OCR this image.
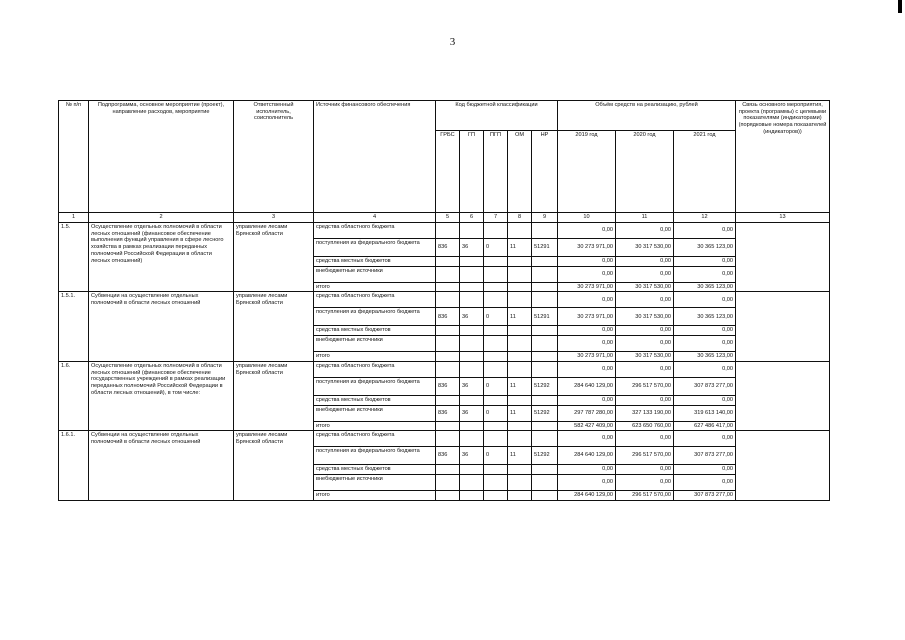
3
№ п/п	Подпрограмма, основное мероприятие (проект), направление расходов, мероприятие	Ответственный исполнитель, соисполнитель	Источник финансового обеспечения	Код бюджетной классификации					Объём средств на реализацию, рублей			Связь основного мероприятия, проекта (программы) с целевыми показателями (индикаторами) (порядковые номера показателей (индикаторов))
				ГРБС	ГП	ПГП	ОМ	НР	2019 год	2020 год	2021 год	
1	2	3	4	5	6	7	8	9	10	11	12	13
1.5.	Осуществление отдельных полномочий в области лесных отношений (финансовое обеспечение выполнения функций управления в сфере лесного хозяйства в рамках реализации переданных полномочий Российской Федерации в области лесных отношений)	управление лесами Брянской области	средства областного бюджета						0,00	0,00	0,00	
			поступления из федерального бюджета	836	36	0	11	51291	30 273 971,00	30 317 530,00	30 365 123,00	
			средства местных бюджетов						0,00	0,00	0,00	
			внебюджетные источники						0,00	0,00	0,00	
			итого						30 273 971,00	30 317 530,00	30 365 123,00	
1.5.1.	Субвенции на осуществление отдельных полномочий в области лесных отношений	управление лесами Брянской области	средства областного бюджета						0,00	0,00	0,00	
			поступления из федерального бюджета	836	36	0	11	51291	30 273 971,00	30 317 530,00	30 365 123,00	
			средства местных бюджетов						0,00	0,00	0,00	
			внебюджетные источники						0,00	0,00	0,00	
			итого						30 273 971,00	30 317 530,00	30 365 123,00	
1.6.	Осуществление отдельных полномочий в области лесных отношений (финансовое обеспечение государственных учреждений в рамках реализации переданных полномочий Российской Федерации в области лесных отношений), в том числе:	управление лесами Брянской области	средства областного бюджета						0,00	0,00	0,00	
			поступления из федерального бюджета	836	36	0	11	51292	284 640 129,00	296 517 570,00	307 873 277,00	
			средства местных бюджетов						0,00	0,00	0,00	
			внебюджетные источники	836	36	0	11	51292	297 787 280,00	327 133 190,00	319 613 140,00	
			итого						582 427 409,00	623 650 760,00	627 486 417,00	
1.6.1.	Субвенции на осуществление отдельных полномочий в области лесных отношений	управление лесами Брянской области	средства областного бюджета						0,00	0,00	0,00	
			поступления из федерального бюджета	836	36	0	11	51292	284 640 129,00	296 517 570,00	307 873 277,00	
			средства местных бюджетов						0,00	0,00	0,00	
			внебюджетные источники						0,00	0,00	0,00	
			итого						284 640 129,00	296 517 570,00	307 873 277,00	
